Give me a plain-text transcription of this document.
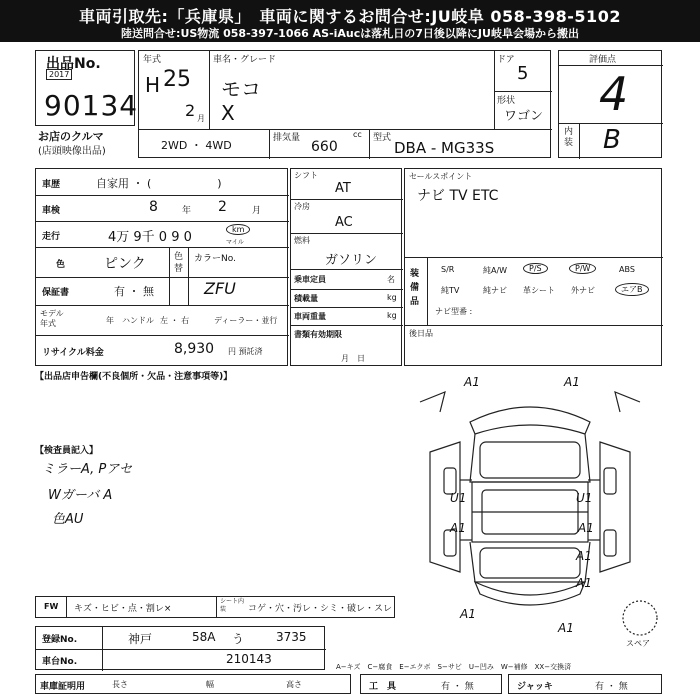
車両引取先:「兵庫県」　車両に関するお問合せ:JU岐阜 058-398-5102
陸送問合せ:US物流 058-397-1066 AS-iAucは落札日の7日後以降にJU岐阜会場から搬出
出品No.
2017
90134
お店のクルマ
(店頭映像出品)
年式
H 25
2 月
車名・グレード
モコ
X
ドア
5
形状
ワゴン
2WD ・ 4WD
排気量	cc
660
型式
DBA - MG33S
評価点
4
内装 B
車歴	自家用 ・ (　　　　　　)
車検	8	年 2	月
走行	4万 9千 0 9 0
km
マイル
色	ピンク	色替
カラーNo.
ZFU
保証書	有 ・ 無
モデル年式	年 ハンドル 左 ・ 右	ディーラー・並行
リサイクル料金	8,930 円 預託済
シフト
AT
冷房
AC
燃料
ガソリン
乗車定員	名
積載量	kg
車両重量	kg
書類有効期限
月　日
セールスポイント
ナビ TV ETC
装備品
S/R	純A/W	P/S	P/W	ABS
純TV	純ナビ 革シート 外ナビ	エアB
ナビ型番 :
後日品
【出品店申告欄(不良個所・欠品・注意事項等)】
【検査員記入】
ミラーA, Pアセ
Wガーバ A
色AU
A1	A1
U1	U1
A1	A1
A1
A1
A1
A1
スペア
FW キズ・ヒビ・点・割レ×
シート内装	コゲ・穴・汚レ・シミ・破レ・スレ
登録No.	神戸	58A う	3735
車台No.	210143
A−キズ　C−腐食　E−エクボ　S−サビ　U−凹み　W−補修　XX−交換済
車庫証明用	長さ	幅	高さ	工　具	有 ・ 無	ジャッキ	有 ・ 無
